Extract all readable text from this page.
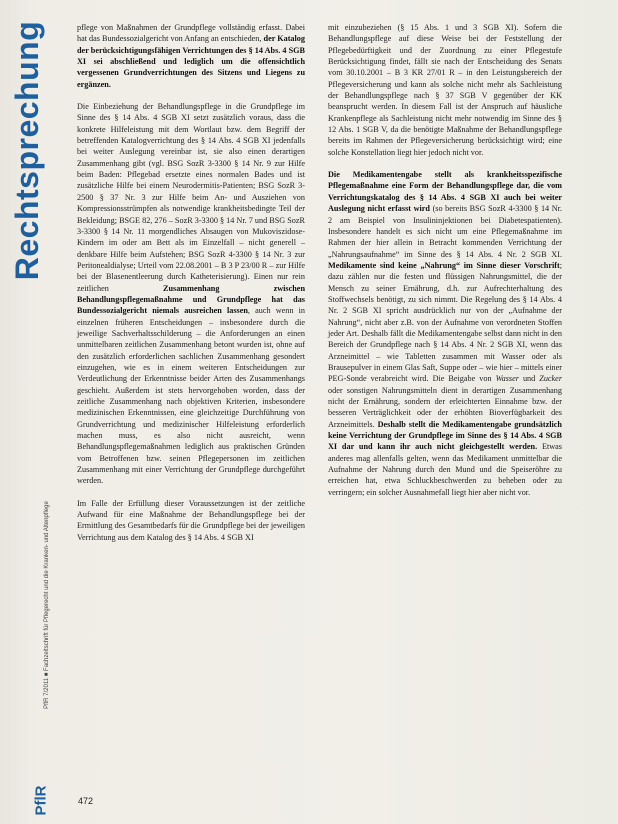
Rechtsprechung
PflR 7/2011 ■ Fachzeitschrift für Pflegerecht und die Kranken- und Altenpflege
PflR

pflege von Maßnahmen der Grundpflege vollständig erfasst. Dabei hat das Bundessozialgericht von Anfang an entschieden, der Katalog der berücksichtigungsfähigen Verrichtungen des § 14 Abs. 4 SGB XI sei abschließend und lediglich um die offensichtlich vergessenen Grundverrichtungen des Sitzens und Liegens zu ergänzen.

Die Einbeziehung der Behandlungspflege in die Grundpflege im Sinne des § 14 Abs. 4 SGB XI setzt zusätzlich voraus, dass die konkrete Hilfeleistung mit dem Wortlaut bzw. dem Begriff der betreffenden Katalogverrichtung des § 14 Abs. 4 SGB XI jedenfalls bei weiter Auslegung vereinbar ist, sie also einen derartigen Zusammenhang gibt (vgl. BSG SozR 3-3300 § 14 Nr. 9 zur Hilfe beim Baden: Pflegebad ersetzte eines normalen Bades und ist zusätzliche Hilfe bei einem Neurodermitis-Patienten; BSG SozR 3-2500 § 37 Nr. 3 zur Hilfe beim An- und Ausziehen von Kompressionsstrümpfen als notwendige krankheitsbedingte Teil der Bekleidung; BSGE 82, 276 – SozR 3-3300 § 14 Nr. 7 und BSG SozR 3-3300 § 14 Nr. 11 morgendliches Absaugen von Mukoviszidose-Kindern im oder am Bett als im Einzelfall – nicht generell – denkbare Hilfe beim Aufstehen; BSG SozR 4-3300 § 14 Nr. 3 zur Peritonealdialyse; Urteil vom 22.08.2001 – B 3 P 23/00 R – zur Hilfe bei der Blasenentleerung durch Katheterisierung). Einen nur rein zeitlichen Zusammenhang zwischen Behandlungspflegemaßnahme und Grundpflege hat das Bundessozialgericht niemals ausreichen lassen, auch wenn in einzelnen früheren Entscheidungen – insbesondere durch die jeweilige Sachverhaltsschilderung – die Anforderungen an einen unmittelbaren zeitlichen Zusammenhang betont wurden ist, ohne auf den zusätzlich erforderlichen sachlichen Zusammenhang gesondert einzugehen, wie es in einem weiteren Entscheidungen zur Verdeutlichung der Erkenntnisse beider Arten des Zusammenhangs geschieht. Außerdem ist stets hervorgehoben worden, dass der zeitliche Zusammenhang nach objektiven Kriterien, insbesondere medizinischen Erkenntnissen, eine gleichzeitige Durchführung von Grundverrichtung und medizinischer Hilfeleistung erforderlich machen muss, es also nicht ausreicht, wenn Behandlungspflegemaßnahmen lediglich aus praktischen Gründen vom Betroffenen bzw. seinen Pflegepersonen im zeitlichen Zusammenhang mit einer Verrichtung der Grundpflege durchgeführt werden.

Im Falle der Erfüllung dieser Voraussetzungen ist der zeitliche Aufwand für eine Maßnahme der Behandlungspflege bei der Ermittlung des Gesamtbedarfs für die Grundpflege bei der jeweiligen Verrichtung aus dem Katalog des § 14 Abs. 4 SGB XI

mit einzubeziehen (§ 15 Abs. 1 und 3 SGB XI). Sofern die Behandlungspflege auf diese Weise bei der Feststellung der Pflegebedürftigkeit und der Zuordnung zu einer Pflegestufe Berücksichtigung findet, fällt sie nach der Entscheidung des Senats vom 30.10.2001 – B 3 KR 27/01 R – in den Leistungsbereich der Pflegeversicherung und kann als solche nicht mehr als Sachleistung der Behandlungspflege nach § 37 SGB V gegenüber der KK beansprucht werden. In diesem Fall ist der Anspruch auf häusliche Krankenpflege als Sachleistung nicht mehr notwendig im Sinne des § 12 Abs. 1 SGB V, da die benötigte Maßnahme der Behandlungspflege bereits im Rahmen der Pflegeversicherung berücksichtigt wird; eine solche Konstellation liegt hier jedoch nicht vor.

Die Medikamentengabe stellt als krankheitsspezifische Pflegemaßnahme eine Form der Behandlungspflege dar, die vom Verrichtungskatalog des § 14 Abs. 4 SGB XI auch bei weiter Auslegung nicht erfasst wird (so bereits BSG SozR 4-3300 § 14 Nr. 2 am Beispiel von Insulininjektionen bei Diabetespatienten). Insbesondere handelt es sich nicht um eine Pflegemaßnahme im Rahmen der hier allein in Betracht kommenden Verrichtung der „Nahrungsaufnahme“ im Sinne des § 14 Abs. 4 Nr. 2 SGB XI. Medikamente sind keine „Nahrung“ im Sinne dieser Vorschrift; dazu zählen nur die festen und flüssigen Nahrungsmittel, die der Mensch zu seiner Ernährung, d.h. zur Aufrechterhaltung des Stoffwechsels benötigt, zu sich nimmt. Die Regelung des § 14 Abs. 4 Nr. 2 SGB XI spricht ausdrücklich nur von der „Aufnahme der Nahrung“, nicht aber z.B. von der Aufnahme von verordneten Stoffen jeder Art. Deshalb fällt die Medikamentengabe selbst dann nicht in den Bereich der Grundpflege nach § 14 Abs. 4 Nr. 2 SGB XI, wenn das Arzneimittel – wie Tabletten zusammen mit Wasser oder als Brausepulver in einem Glas Saft, Suppe oder – wie hier – mittels einer PEG-Sonde verabreicht wird. Die Beigabe von Wasser und Zucker oder sonstigen Nahrungsmitteln dient in derartigen Zusammenhang nicht der Ernährung, sondern der erleichterten Einnahme bzw. der besseren Verträglichkeit oder der erhöhten Bioverfügbarkeit des Arzneimittels. Deshalb stellt die Medikamentengabe grundsätzlich keine Verrichtung der Grundpflege im Sinne des § 14 Abs. 4 SGB XI dar und kann ihr auch nicht gleichgestellt werden. Etwas anderes mag allenfalls gelten, wenn das Medikament unmittelbar die Aufnahme der Nahrung durch den Mund und die Speiseröhre zu erreichen hat, etwa Schluckbeschwerden zu beheben oder zu verringern; ein solcher Ausnahmefall liegt hier aber nicht vor.

472
